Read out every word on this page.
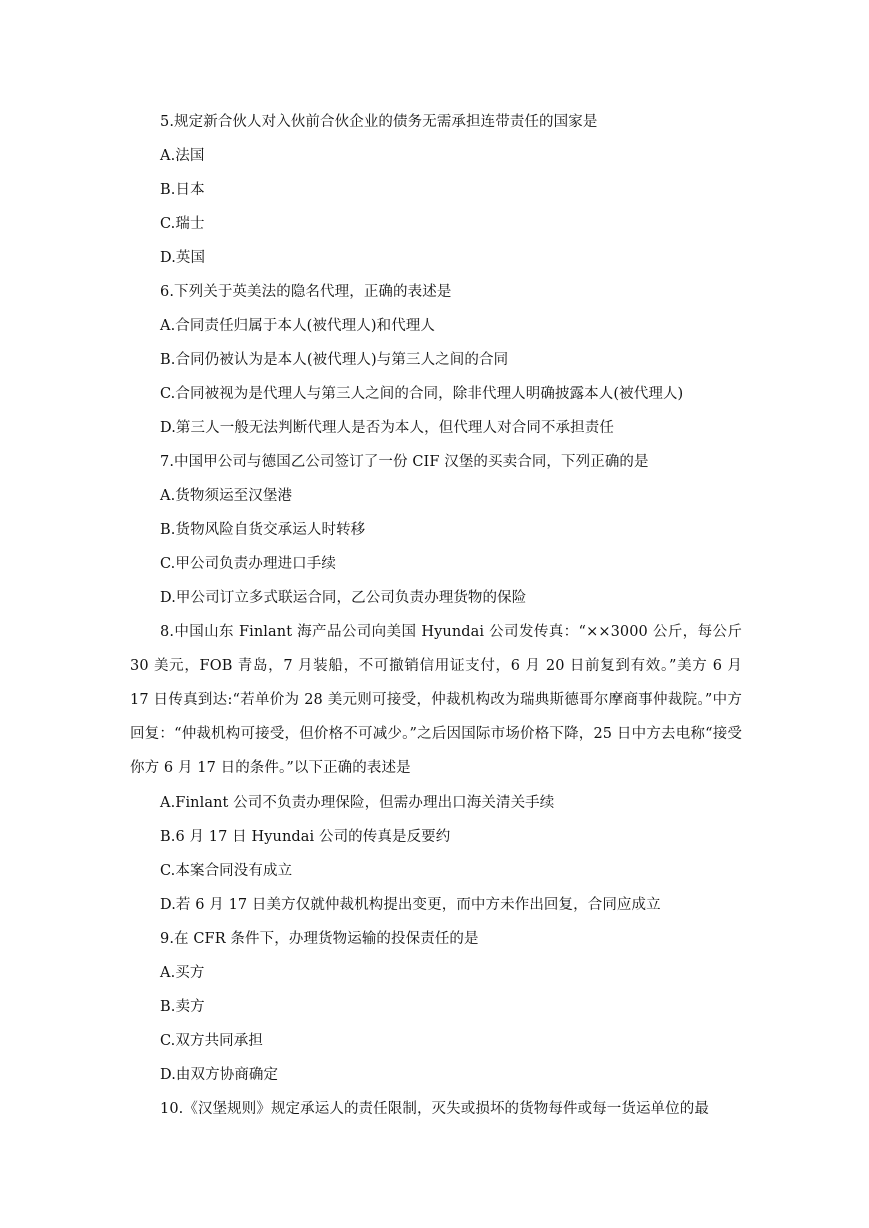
5.规定新合伙人对入伙前合伙企业的债务无需承担连带责任的国家是
A.法国
B.日本
C.瑞士
D.英国
6.下列关于英美法的隐名代理，正确的表述是
A.合同责任归属于本人(被代理人)和代理人
B.合同仍被认为是本人(被代理人)与第三人之间的合同
C.合同被视为是代理人与第三人之间的合同，除非代理人明确披露本人(被代理人)
D.第三人一般无法判断代理人是否为本人，但代理人对合同不承担责任
7.中国甲公司与德国乙公司签订了一份 CIF 汉堡的买卖合同，下列正确的是
A.货物须运至汉堡港
B.货物风险自货交承运人时转移
C.甲公司负责办理进口手续
D.甲公司订立多式联运合同，乙公司负责办理货物的保险
8.中国山东 Finlant 海产品公司向美国 Hyundai 公司发传真：“××3000 公斤，每公斤 30 美元，FOB 青岛，7 月装船，不可撤销信用证支付，6 月 20 日前复到有效。”美方 6 月 17 日传真到达:“若单价为 28 美元则可接受，仲裁机构改为瑞典斯德哥尔摩商事仲裁院。”中方回复：“仲裁机构可接受，但价格不可减少。”之后因国际市场价格下降，25 日中方去电称“接受你方 6 月 17 日的条件。”以下正确的表述是
A.Finlant 公司不负责办理保险，但需办理出口海关清关手续
B.6 月 17 日 Hyundai 公司的传真是反要约
C.本案合同没有成立
D.若 6 月 17 日美方仅就仲裁机构提出变更，而中方未作出回复，合同应成立
9.在 CFR 条件下，办理货物运输的投保责任的是
A.买方
B.卖方
C.双方共同承担
D.由双方协商确定
10.《汉堡规则》规定承运人的责任限制，灭失或损坏的货物每件或每一货运单位的最
